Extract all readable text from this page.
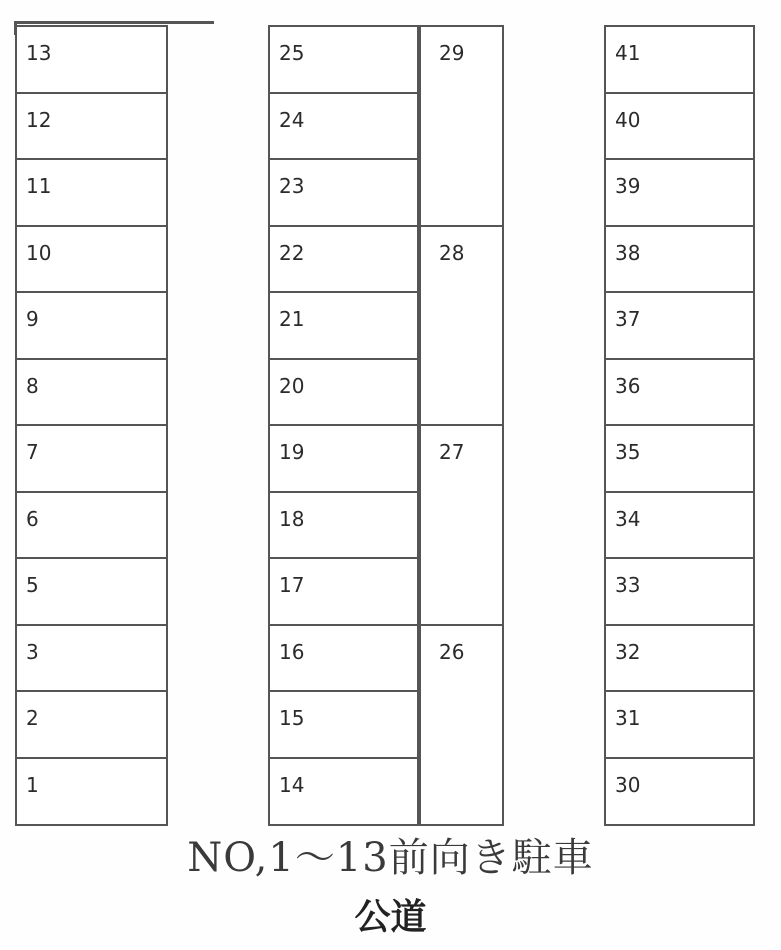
13
12
11
10
9
8
7
6
5
3
2
1
25
24
23
22
21
20
19
18
17
16
15
14
29
28
27
26
41
40
39
38
37
36
35
34
33
32
31
30
NO,1～13前向き駐車
公道
